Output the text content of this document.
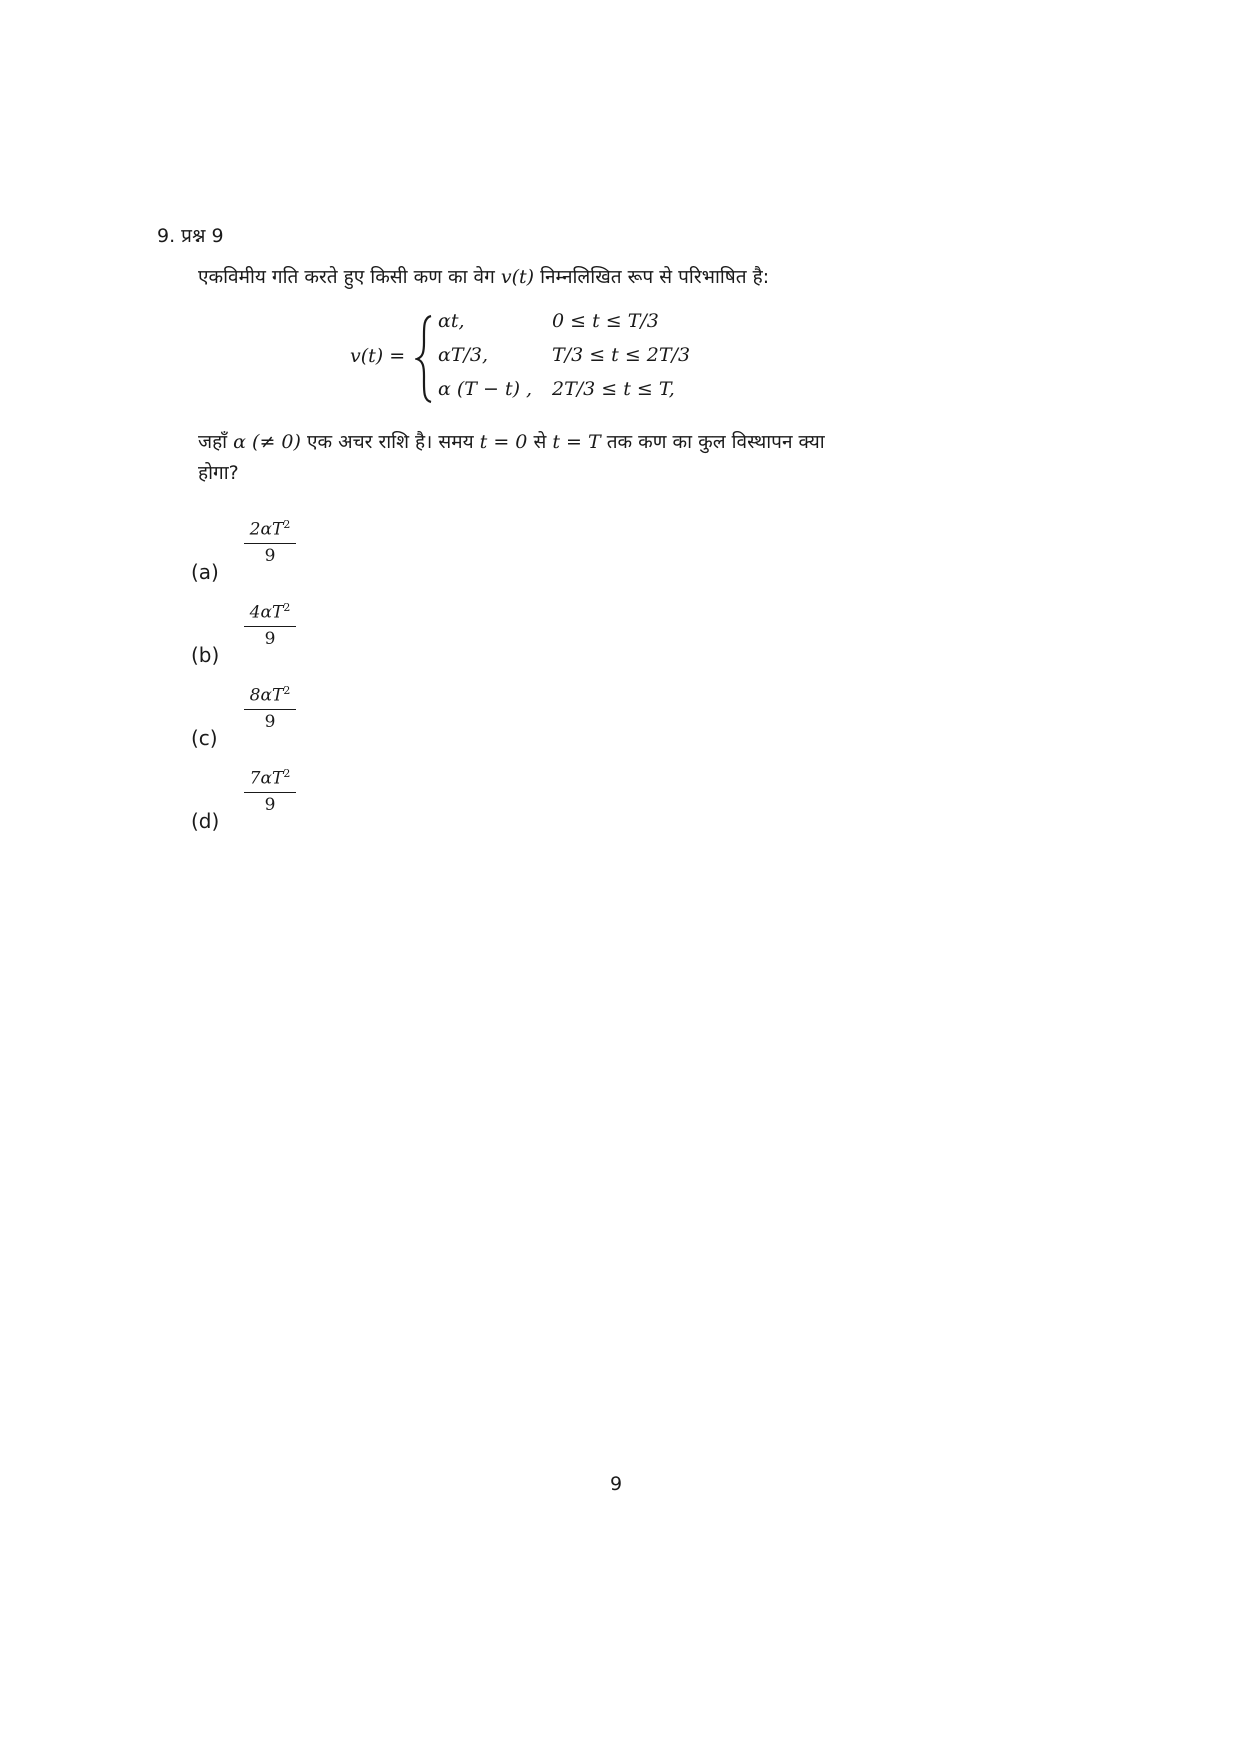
9. प्रश्न 9
एकविमीय गति करते हुए किसी कण का वेग v(t) निम्नलिखित रूप से परिभाषित है:
v(t) =
αt,	0 ≤ t ≤ T/3
αT/3,	T/3 ≤ t ≤ 2T/3
α (T − t) , 2T/3 ≤ t ≤ T,
जहाँ α (≠ 0) एक अचर राशि है। समय t = 0 से t = T तक कण का कुल विस्थापन क्या
होगा?
(a)
$2\alpha T^2$
9
(b)
$4\alpha T^2$
9
(c)
$8\alpha T^2$
9
(d)
$7\alpha T^2$
9
9
